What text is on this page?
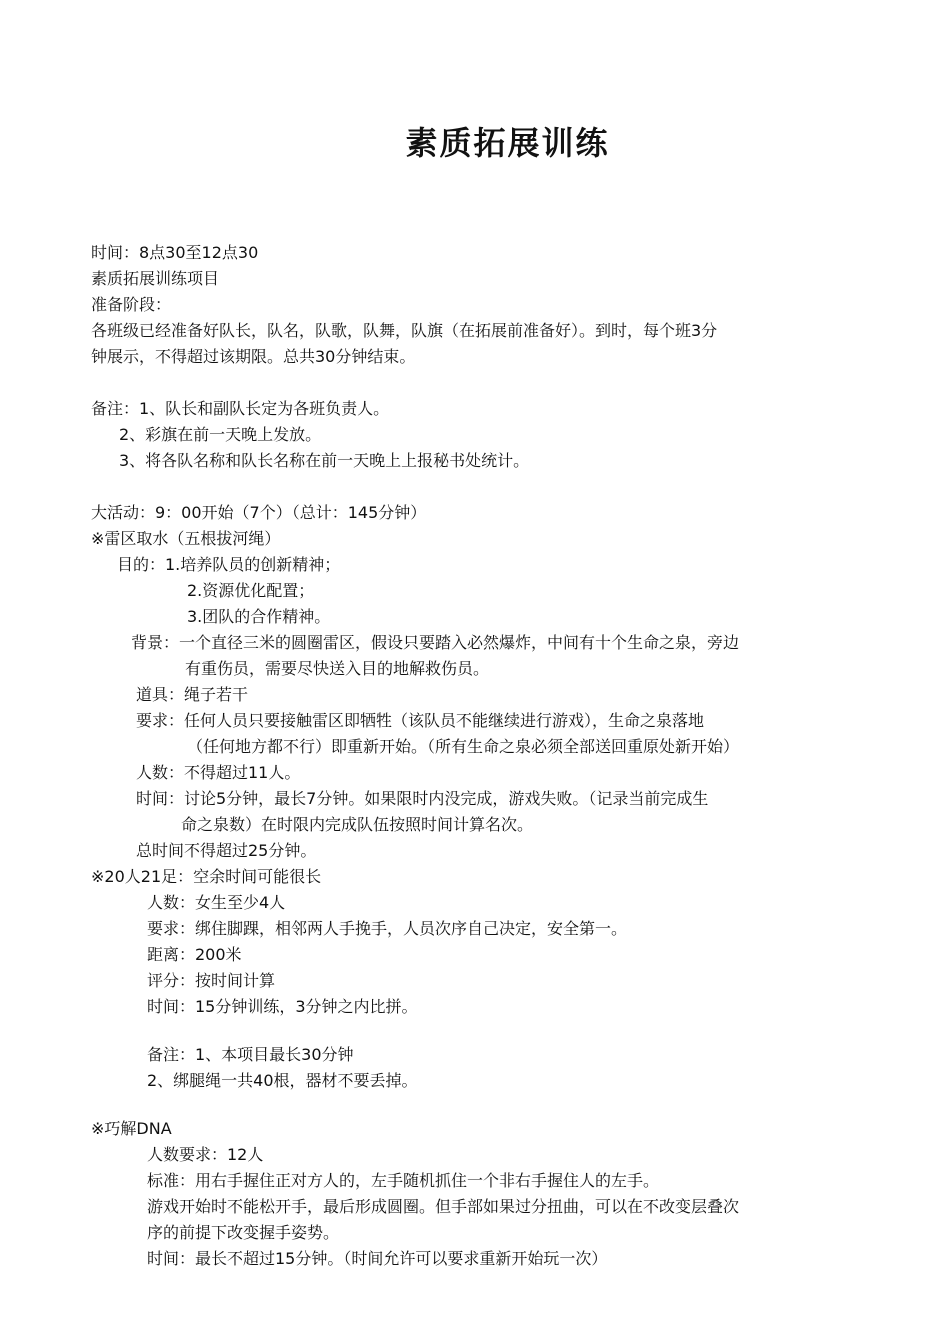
素质拓展训练
时间：8点30至12点30
素质拓展训练项目
准备阶段：
各班级已经准备好队长，队名，队歌，队舞，队旗（在拓展前准备好）。到时，每个班3分
钟展示，不得超过该期限。总共30分钟结束。
备注：1、队长和副队长定为各班负责人。
2、彩旗在前一天晚上发放。
3、将各队名称和队长名称在前一天晚上上报秘书处统计。
大活动：9：00开始（7个）（总计：145分钟）
※雷区取水（五根拔河绳）
目的：1.培养队员的创新精神；
2.资源优化配置；
3.团队的合作精神。
背景：一个直径三米的圆圈雷区，假设只要踏入必然爆炸，中间有十个生命之泉，旁边
有重伤员，需要尽快送入目的地解救伤员。
道具：绳子若干
要求：任何人员只要接触雷区即牺牲（该队员不能继续进行游戏），生命之泉落地
（任何地方都不行）即重新开始。（所有生命之泉必须全部送回重原处新开始）
人数：不得超过11人。
时间：讨论5分钟，最长7分钟。如果限时内没完成，游戏失败。（记录当前完成生
命之泉数）在时限内完成队伍按照时间计算名次。
总时间不得超过25分钟。
※20人21足：空余时间可能很长
人数：女生至少4人
要求：绑住脚踝，相邻两人手挽手，人员次序自己决定，安全第一。
距离：200米
评分：按时间计算
时间：15分钟训练，3分钟之内比拼。
备注：1、本项目最长30分钟
2、绑腿绳一共40根，器材不要丢掉。
※巧解DNA
人数要求：12人
标准：用右手握住正对方人的，左手随机抓住一个非右手握住人的左手。
游戏开始时不能松开手，最后形成圆圈。但手部如果过分扭曲，可以在不改变层叠次
序的前提下改变握手姿势。
时间：最长不超过15分钟。（时间允许可以要求重新开始玩一次）
